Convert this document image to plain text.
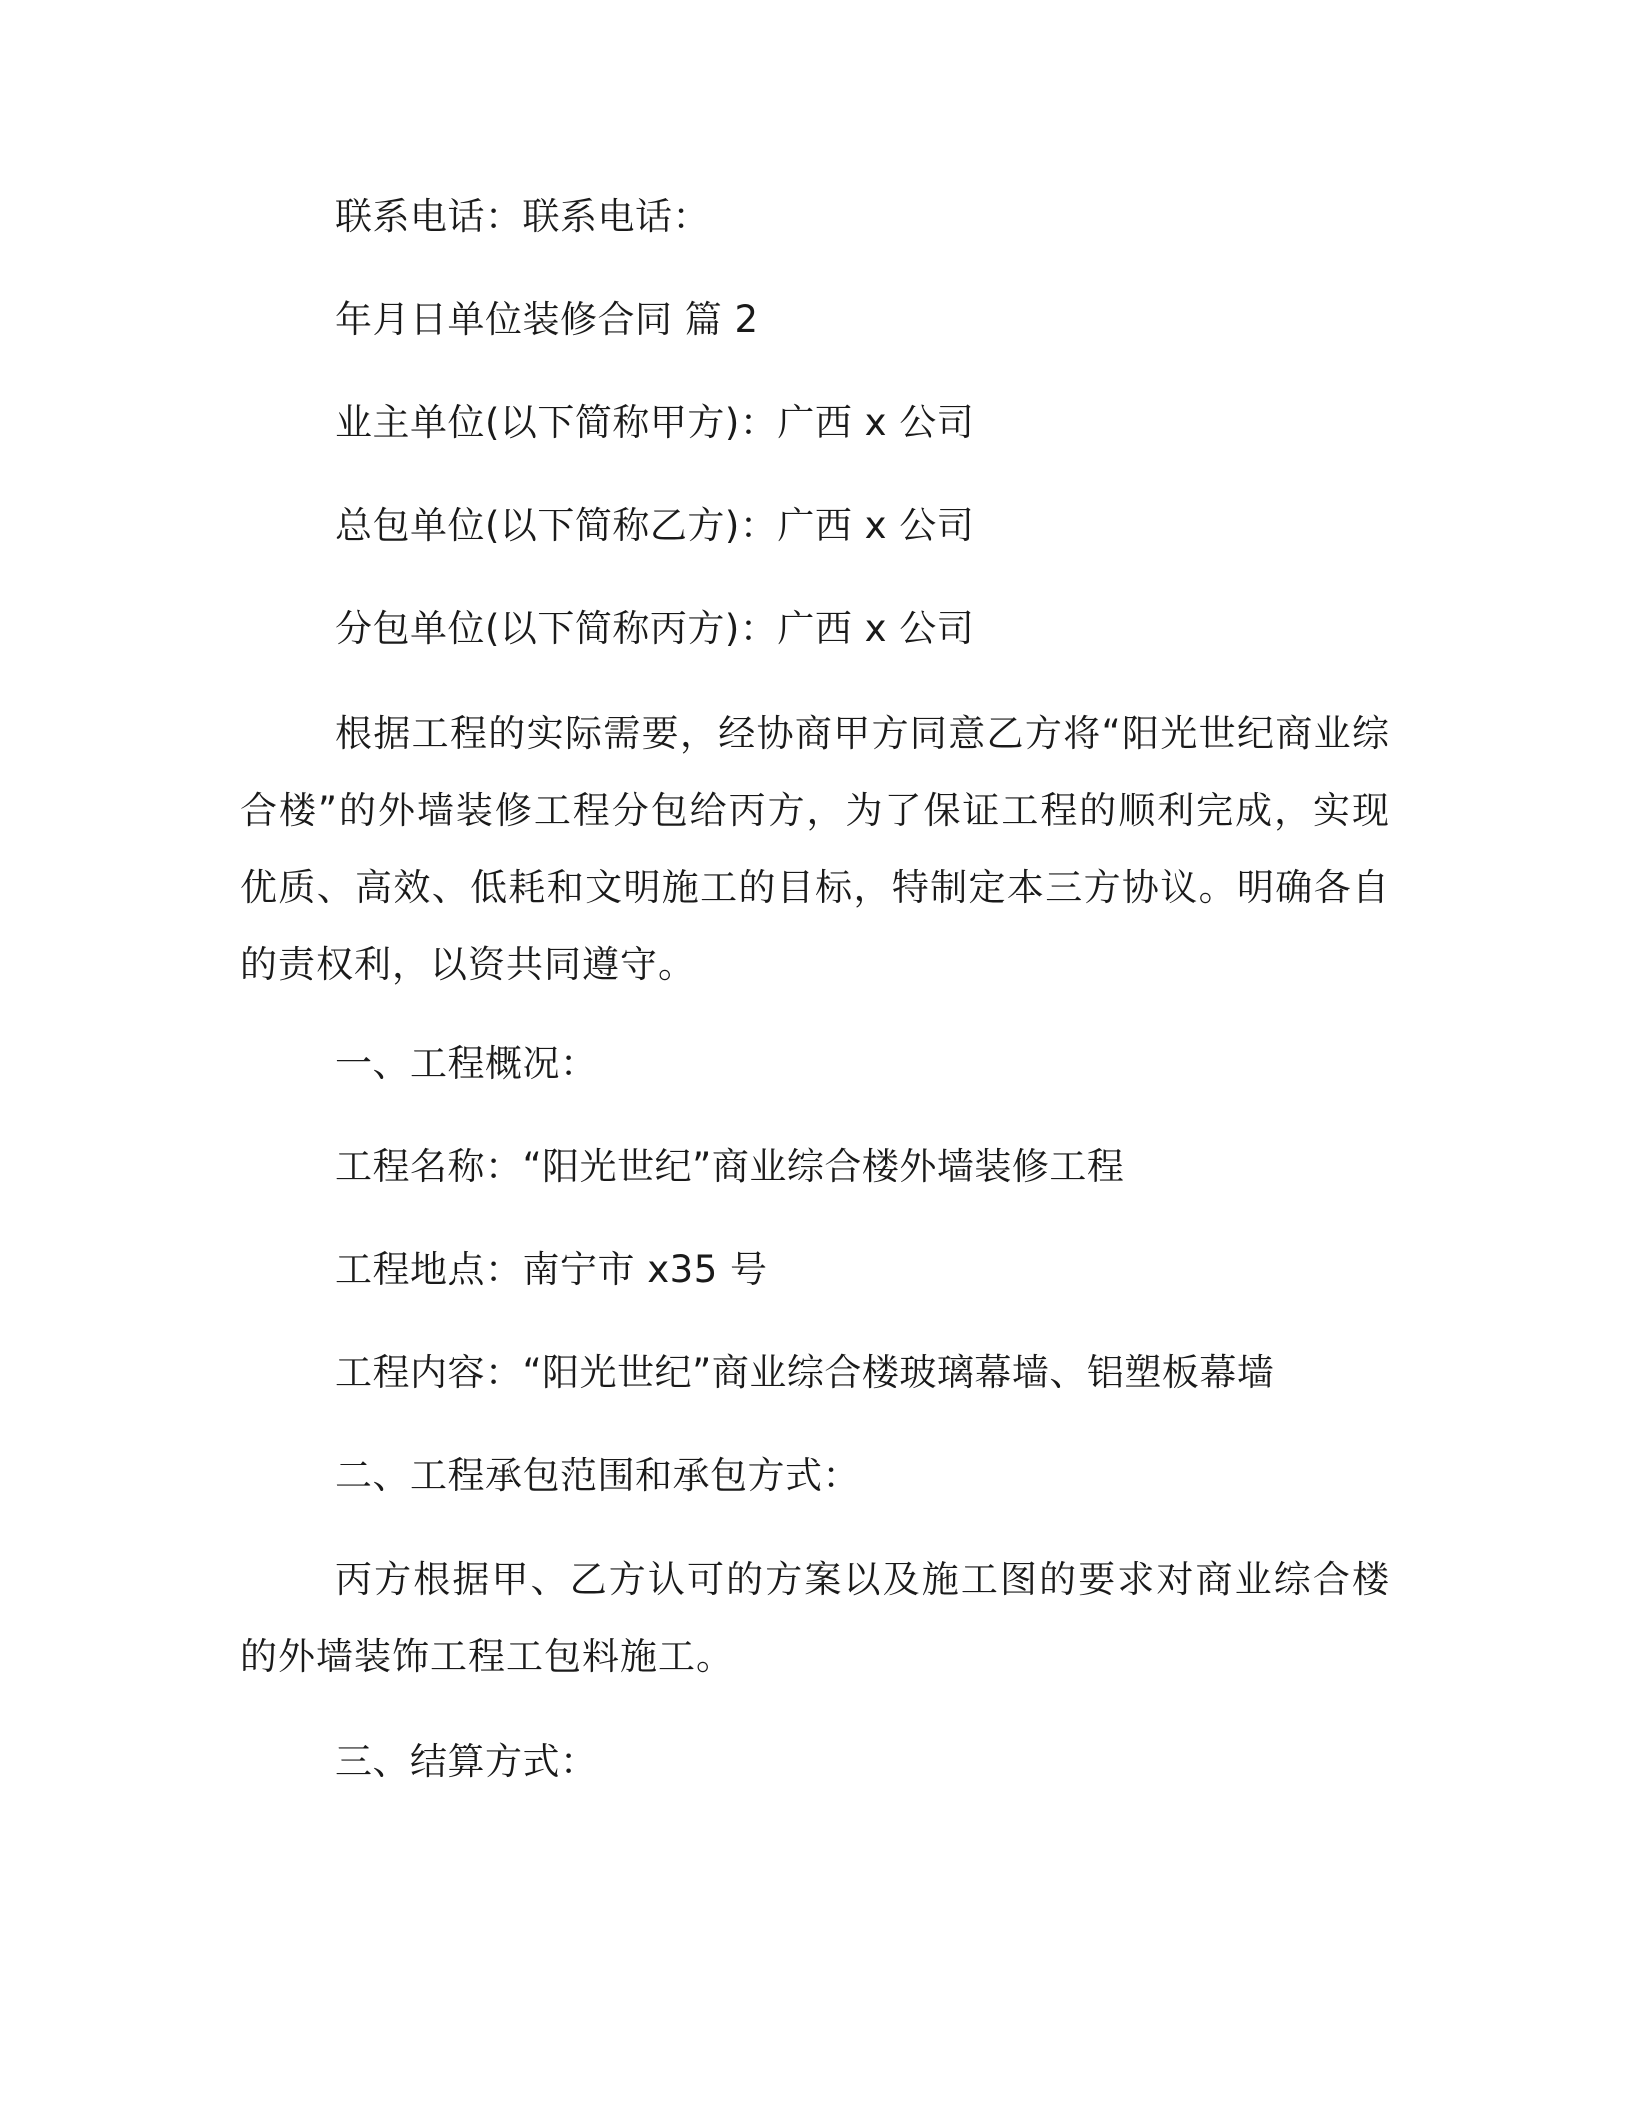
联系电话：联系电话：
年月日单位装修合同 篇 2
业主单位(以下简称甲方)：广西 x 公司
总包单位(以下简称乙方)：广西 x 公司
分包单位(以下简称丙方)：广西 x 公司
根据工程的实际需要，经协商甲方同意乙方将“阳光世纪商业综合楼”的外墙装修工程分包给丙方，为了保证工程的顺利完成，实现优质、高效、低耗和文明施工的目标，特制定本三方协议。明确各自的责权利，以资共同遵守。
一、工程概况：
工程名称：“阳光世纪”商业综合楼外墙装修工程
工程地点：南宁市 x35 号
工程内容：“阳光世纪”商业综合楼玻璃幕墙、铝塑板幕墙
二、工程承包范围和承包方式：
丙方根据甲、乙方认可的方案以及施工图的要求对商业综合楼的外墙装饰工程工包料施工。
三、结算方式：
